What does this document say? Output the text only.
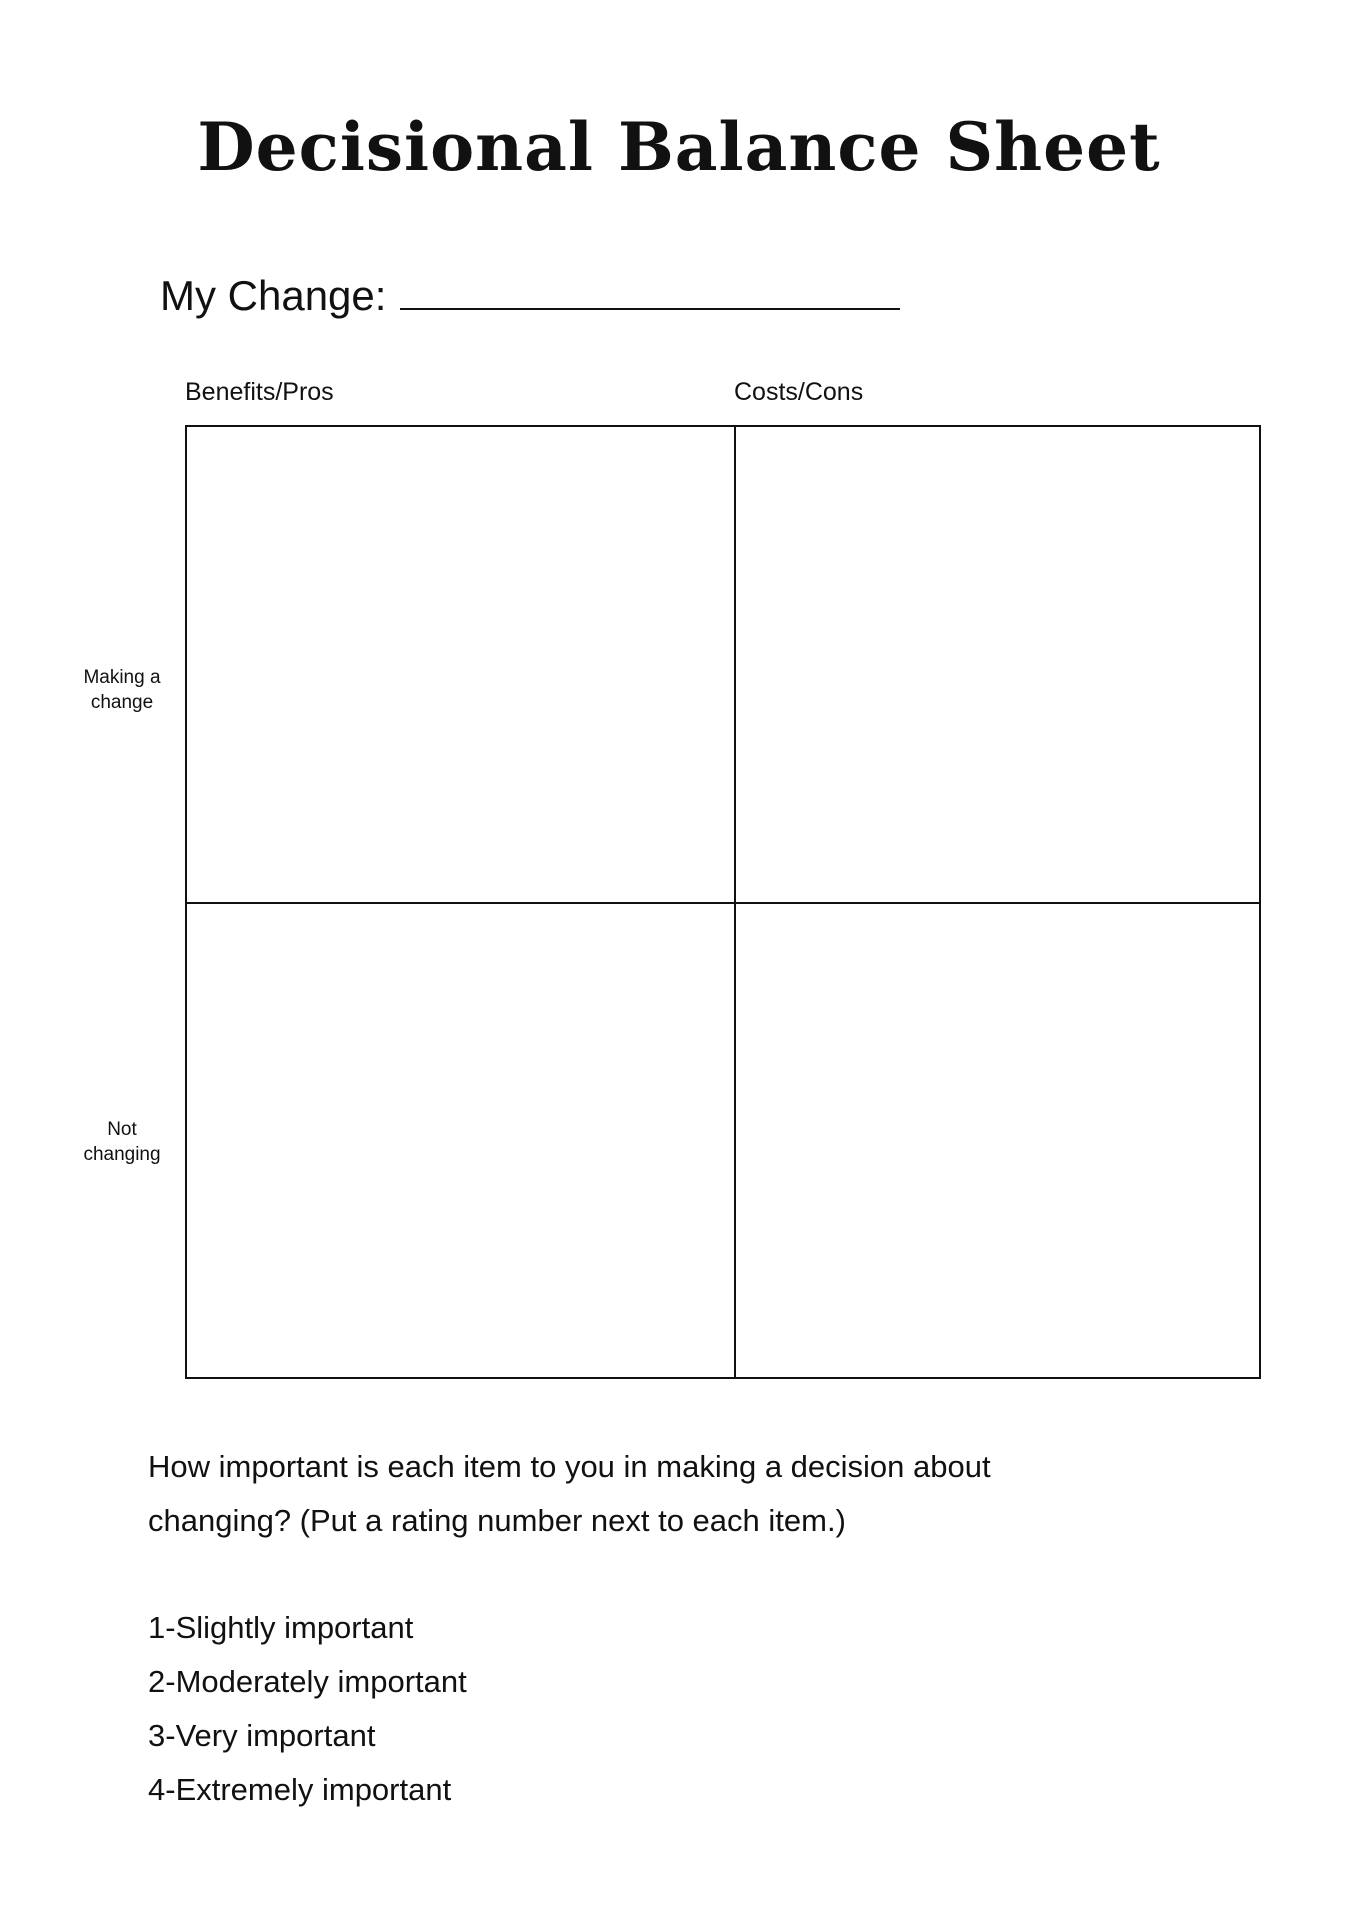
Decisional Balance Sheet
My Change:
Benefits/Pros	Costs/Cons
Making a
change
Not
changing
How important is each item to you in making a decision about
changing? (Put a rating number next to each item.)
1-Slightly important
2-Moderately important
3-Very important
4-Extremely important
